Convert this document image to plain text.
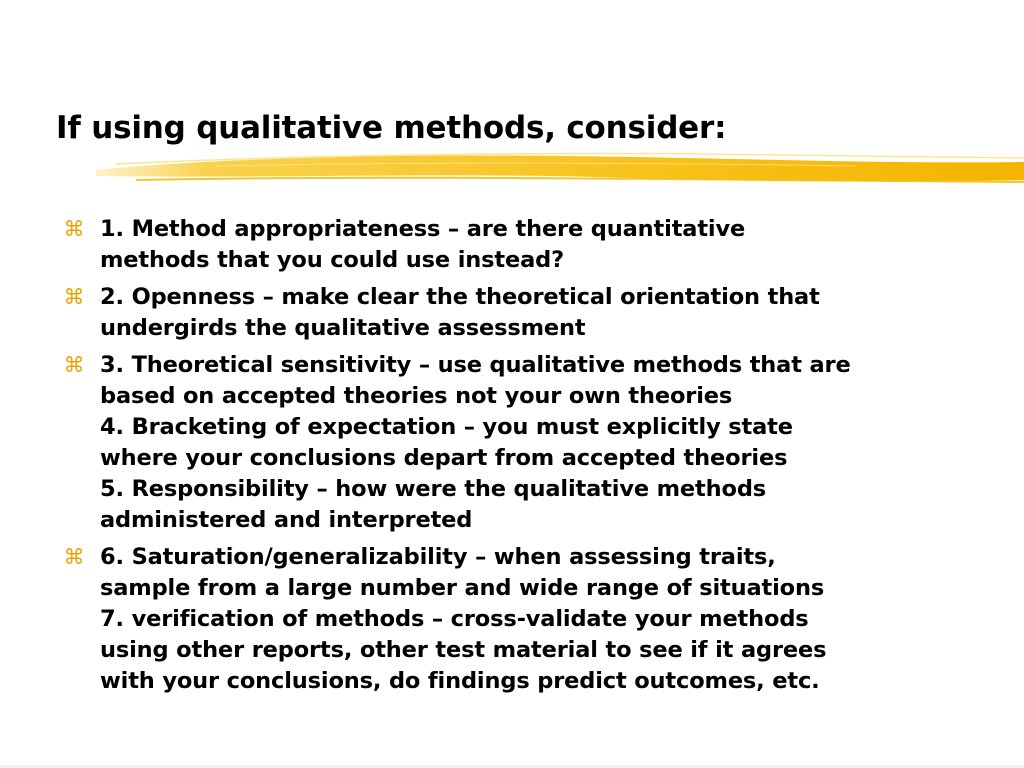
If using qualitative methods, consider:
⌘ 1. Method appropriateness – are there quantitative
methods that you could use instead?
⌘ 2. Openness – make clear the theoretical orientation that
undergirds the qualitative assessment
⌘ 3. Theoretical sensitivity – use qualitative methods that are
based on accepted theories not your own theories
4. Bracketing of expectation – you must explicitly state
where your conclusions depart from accepted theories
5. Responsibility – how were the qualitative methods
administered and interpreted
⌘ 6. Saturation/generalizability – when assessing traits,
sample from a large number and wide range of situations
7. verification of methods – cross-validate your methods
using other reports, other test material to see if it agrees
with your conclusions, do findings predict outcomes, etc.
